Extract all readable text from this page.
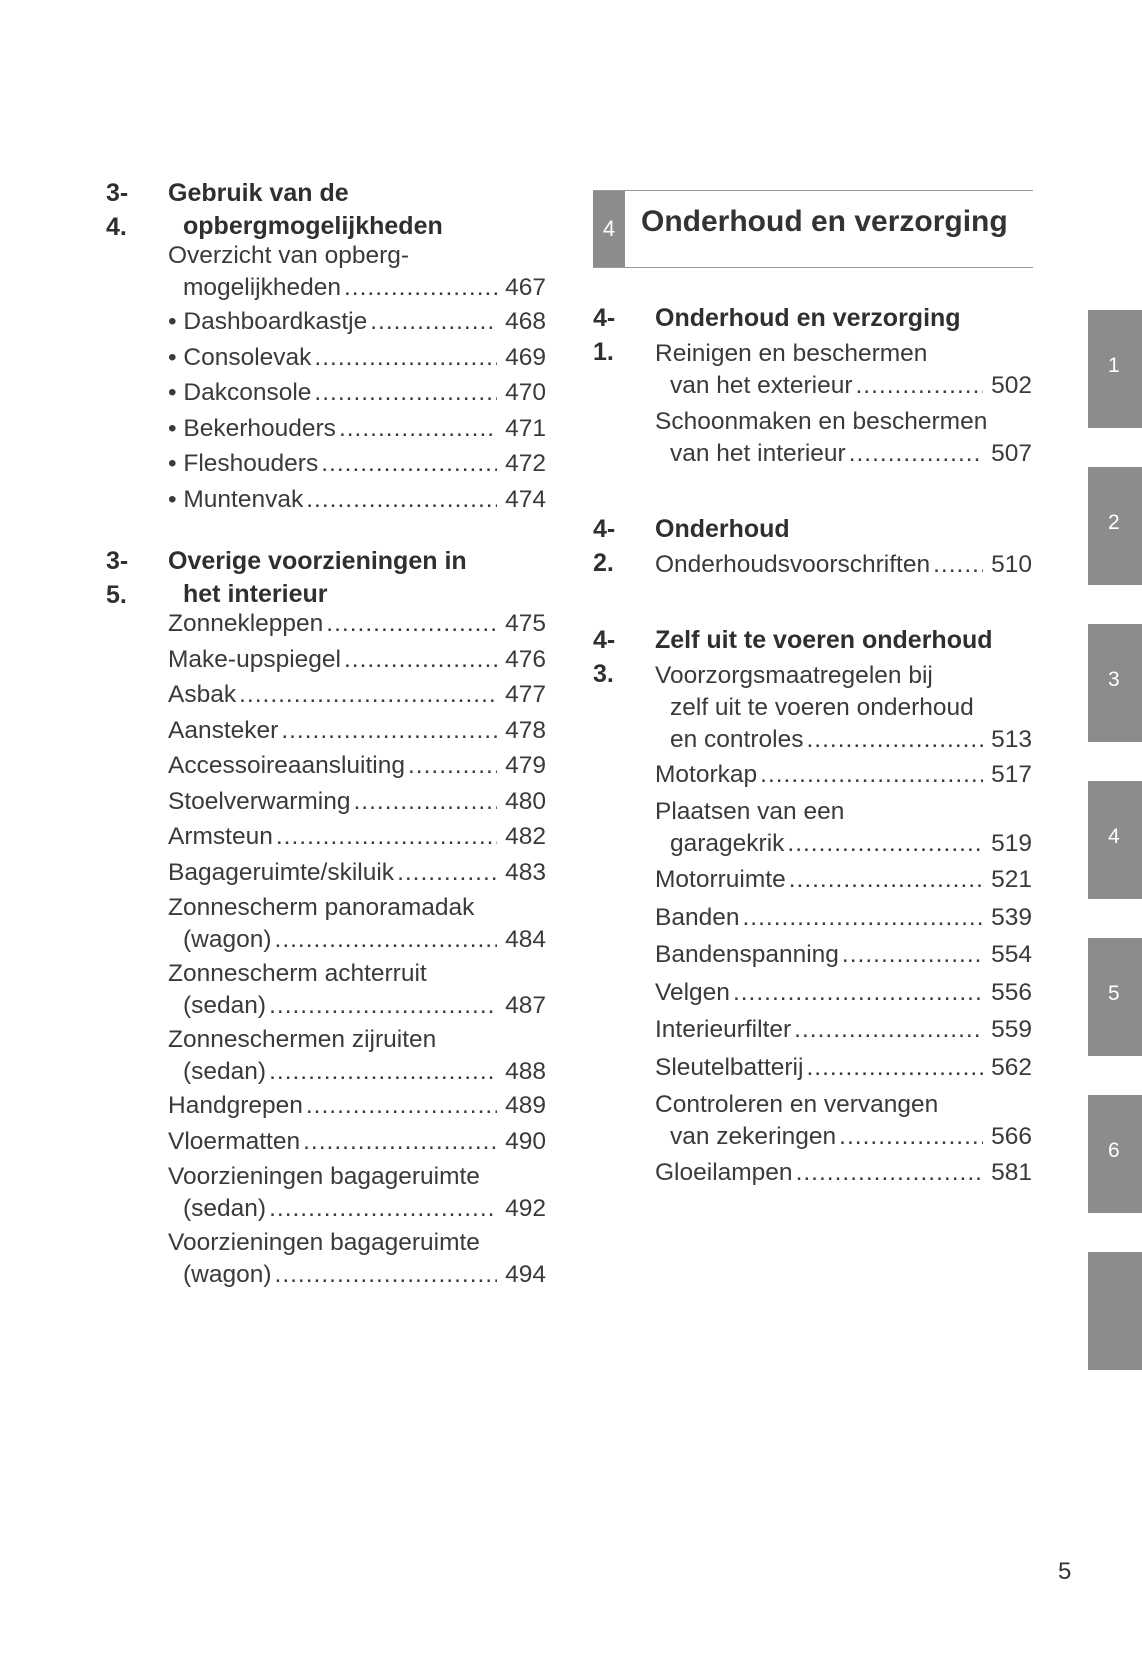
3-4.
Gebruik van de
opbergmogelijkheden
Overzicht van opberg-
mogelijkheden .....	467
• Dashboardkastje .....	468
• Consolevak .....	469
• Dakconsole .....	470
• Bekerhouders .....	471
• Fleshouders .....	472
• Muntenvak .....	474
3-5.
Overige voorzieningen in
het interieur
Zonnekleppen .....	475
Make-upspiegel .....	476
Asbak .....	477
Aansteker .....	478
Accessoireaansluiting .....	479
Stoelverwarming .....	480
Armsteun .....	482
Bagageruimte/skiluik .....	483
Zonnescherm panoramadak
(wagon) .....	484
Zonnescherm achterruit
(sedan) .....	487
Zonneschermen zijruiten
(sedan) .....	488
Handgrepen .....	489
Vloermatten .....	490
Voorzieningen bagageruimte
(sedan) .....	492
Voorzieningen bagageruimte
(wagon) .....	494
4 Onderhoud en verzorging
4-1.
Onderhoud en verzorging
Reinigen en beschermen
van het exterieur .....	502
Schoonmaken en beschermen
van het interieur .....	507
4-2.
Onderhoud
Onderhoudsvoorschriften ..... 510
4-3.
Zelf uit te voeren onderhoud
Voorzorgsmaatregelen bij
zelf uit te voeren onderhoud
en controles .....	513
Motorkap .....	517
Plaatsen van een
garagekrik .....	519
Motorruimte .....	521
Banden .....	539
Bandenspanning .....	554
Velgen .....	556
Interieurfilter .....	559
Sleutelbatterij .....	562
Controleren en vervangen
van zekeringen .....	566
Gloeilampen .....	581
1
2
3
4
5
6
5
